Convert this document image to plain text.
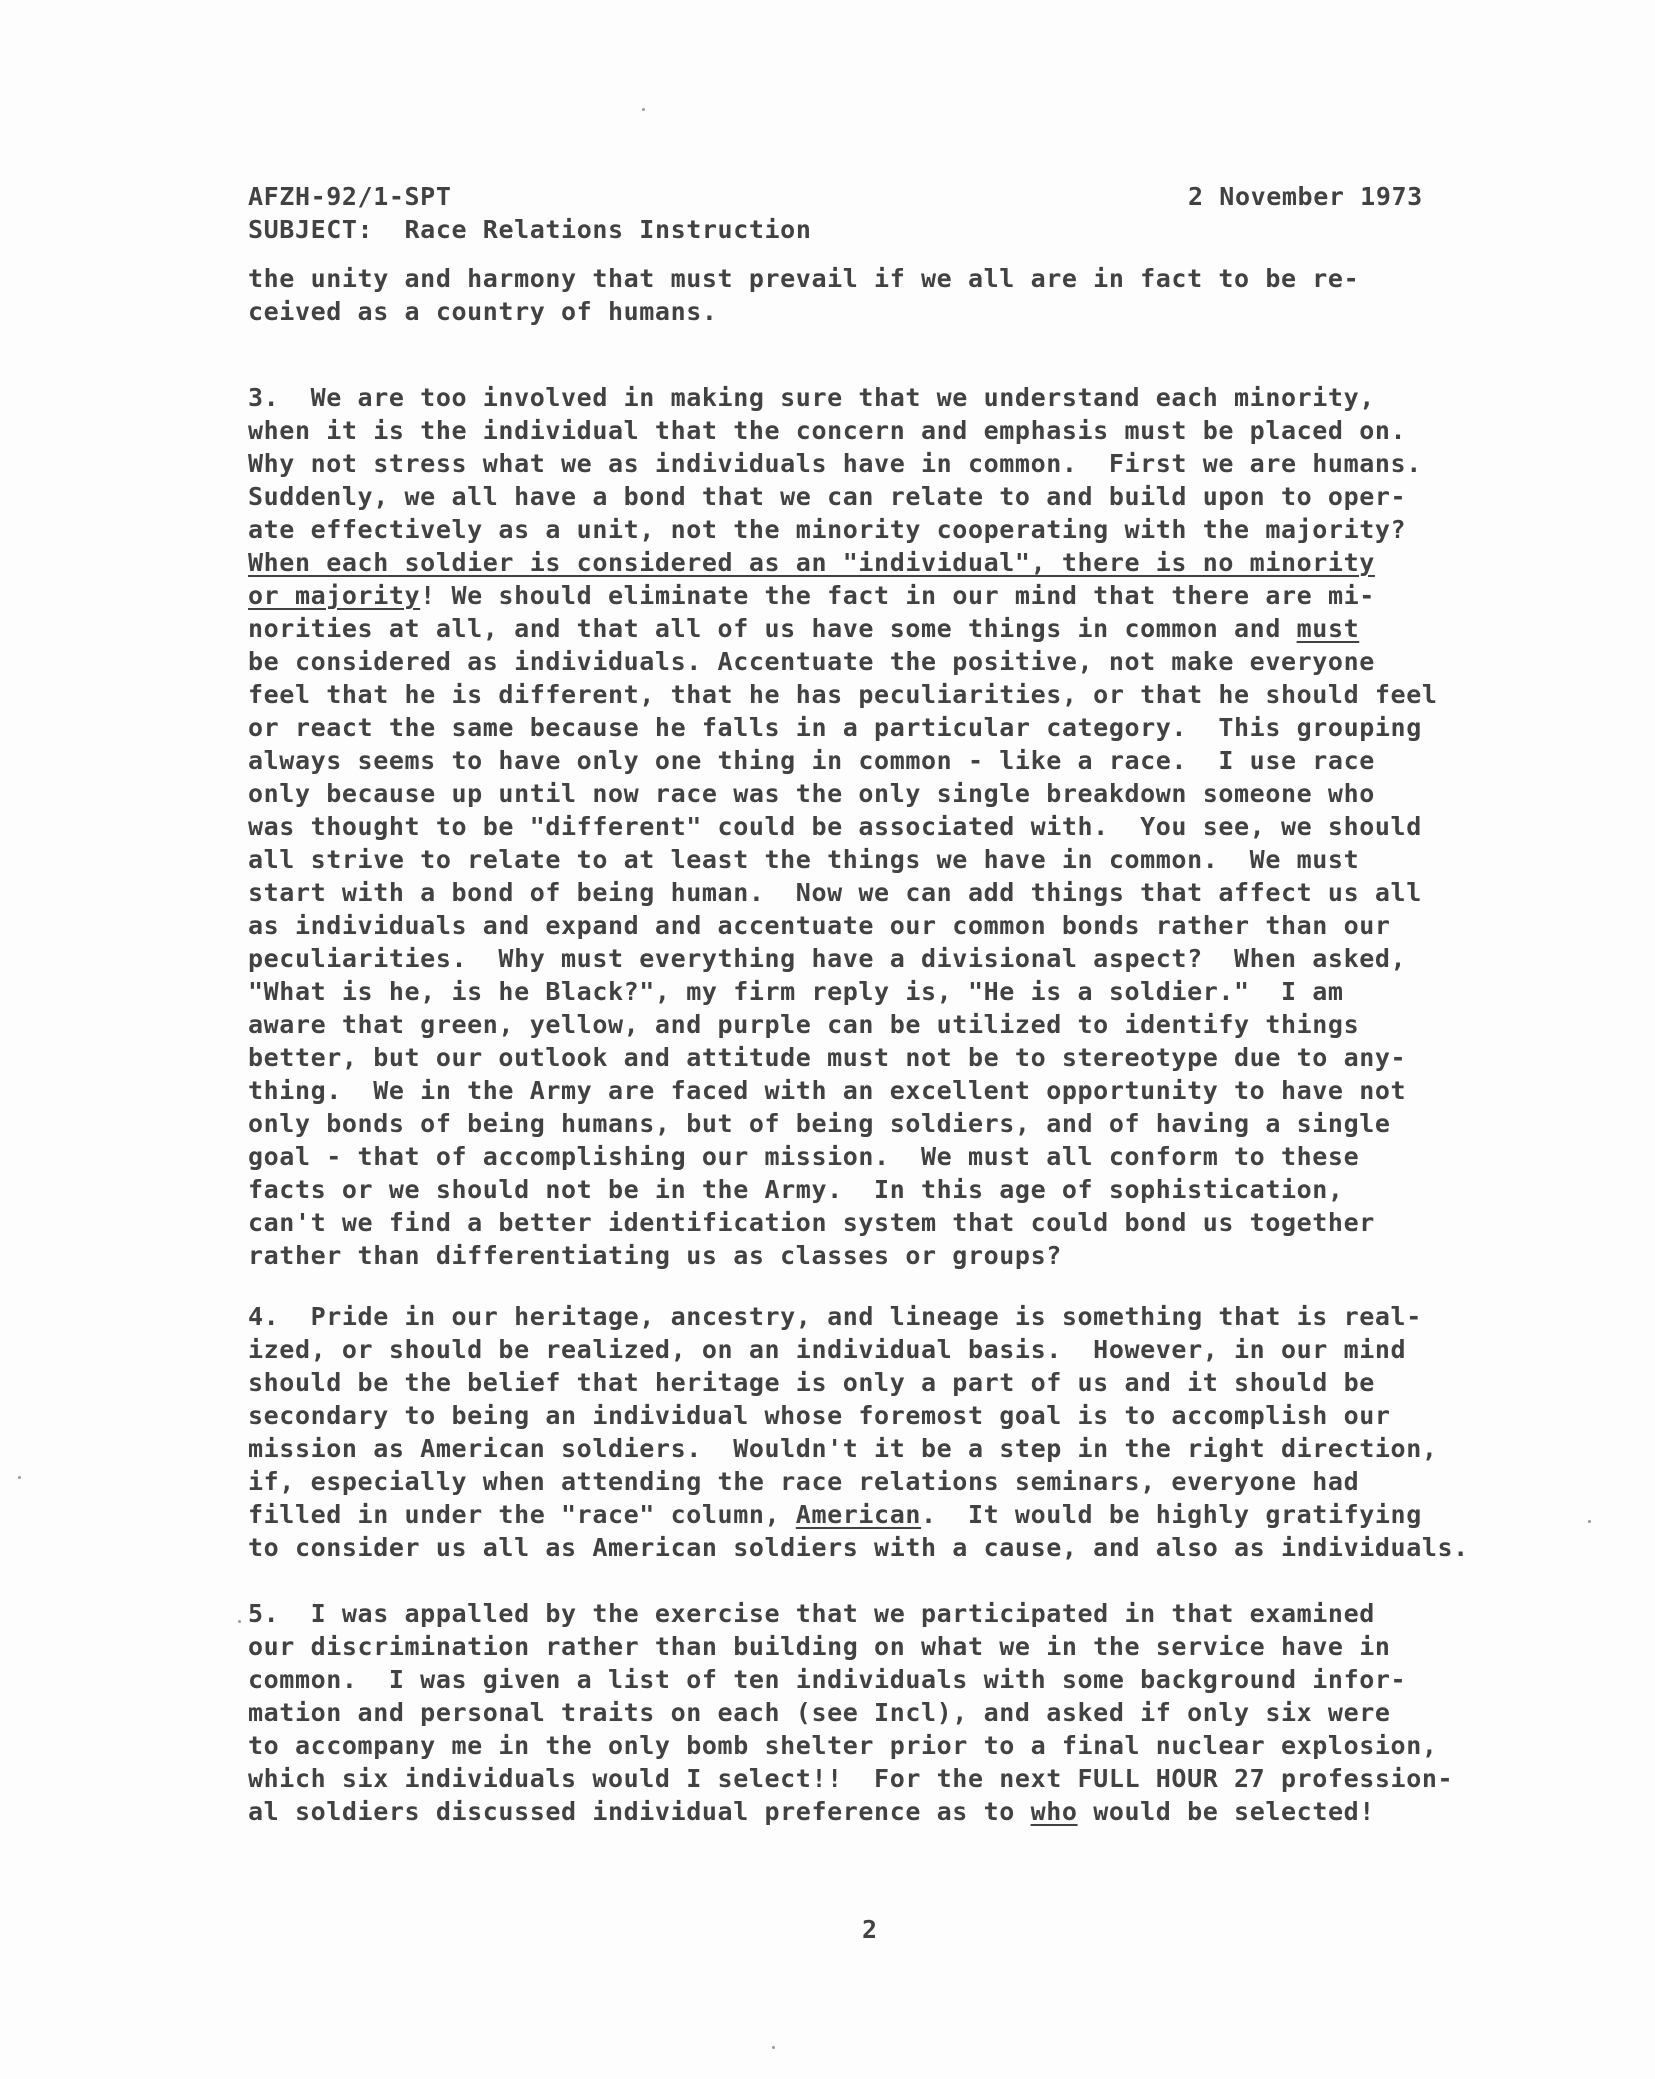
AFZH-92/1-SPT
SUBJECT: Race Relations Instruction
2 November 1973
the unity and harmony that must prevail if we all are in fact to be re-
ceived as a country of humans.
3.  We are too involved in making sure that we understand each minority,
when it is the individual that the concern and emphasis must be placed on.
Why not stress what we as individuals have in common.  First we are humans.
Suddenly, we all have a bond that we can relate to and build upon to oper-
ate effectively as a unit, not the minority cooperating with the majority?
When each soldier is considered as an "individual", there is no minority
or majority! We should eliminate the fact in our mind that there are mi-
norities at all, and that all of us have some things in common and must
be considered as individuals. Accentuate the positive, not make everyone
feel that he is different, that he has peculiarities, or that he should feel
or react the same because he falls in a particular category.  This grouping
always seems to have only one thing in common - like a race.  I use race
only because up until now race was the only single breakdown someone who
was thought to be "different" could be associated with.  You see, we should
all strive to relate to at least the things we have in common.  We must
start with a bond of being human.  Now we can add things that affect us all
as individuals and expand and accentuate our common bonds rather than our
peculiarities.  Why must everything have a divisional aspect?  When asked,
"What is he, is he Black?", my firm reply is, "He is a soldier."  I am
aware that green, yellow, and purple can be utilized to identify things
better, but our outlook and attitude must not be to stereotype due to any-
thing.  We in the Army are faced with an excellent opportunity to have not
only bonds of being humans, but of being soldiers, and of having a single
goal - that of accomplishing our mission.  We must all conform to these
facts or we should not be in the Army.  In this age of sophistication,
can't we find a better identification system that could bond us together
rather than differentiating us as classes or groups?
4.  Pride in our heritage, ancestry, and lineage is something that is real-
ized, or should be realized, on an individual basis.  However, in our mind
should be the belief that heritage is only a part of us and it should be
secondary to being an individual whose foremost goal is to accomplish our
mission as American soldiers.  Wouldn't it be a step in the right direction,
if, especially when attending the race relations seminars, everyone had
filled in under the "race" column, American.  It would be highly gratifying
to consider us all as American soldiers with a cause, and also as individuals.
5.  I was appalled by the exercise that we participated in that examined
our discrimination rather than building on what we in the service have in
common.  I was given a list of ten individuals with some background infor-
mation and personal traits on each (see Incl), and asked if only six were
to accompany me in the only bomb shelter prior to a final nuclear explosion,
which six individuals would I select!!  For the next FULL HOUR 27 profession-
al soldiers discussed individual preference as to who would be selected!
2
